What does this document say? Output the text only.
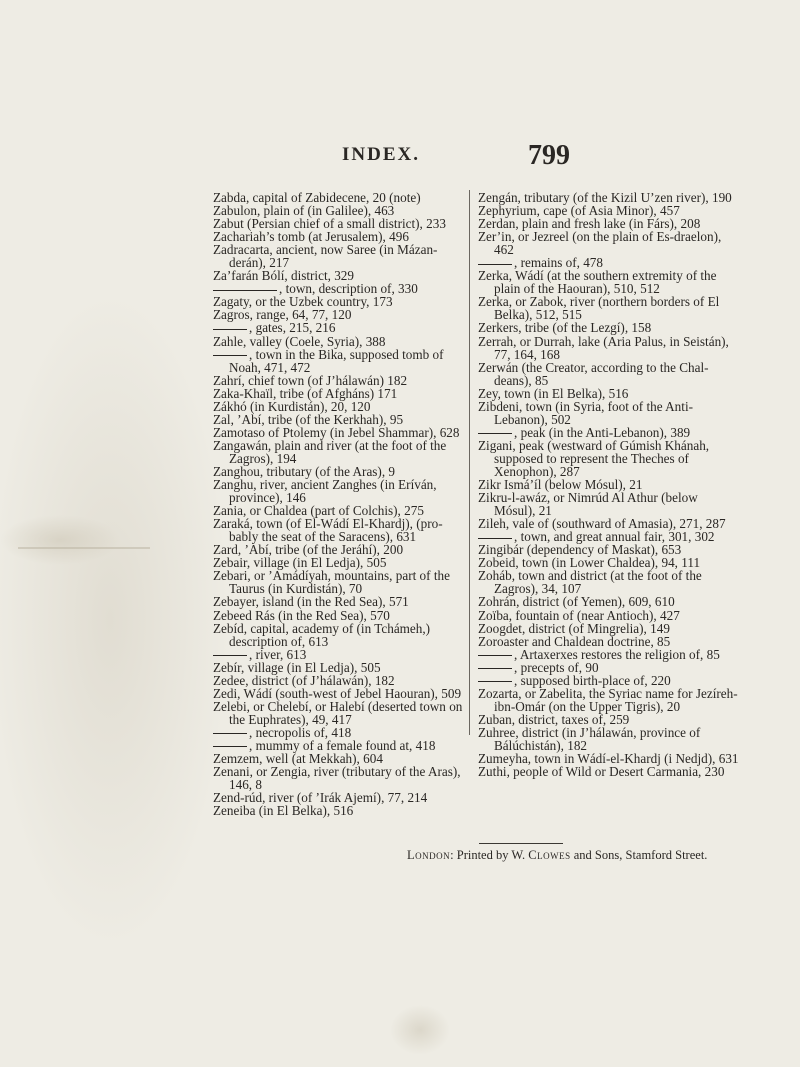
INDEX.	799

Zabda, capital of Zabidecene, 20 (note)

Zabulon, plain of (in Galilee), 463

Zabut (Persian chief of a small district), 233

Zachariah’s tomb (at Jerusalem), 496

Zadracarta, ancient, now Saree (in Mázan-derán), 217

Za’farán Bólí, district, 329

, town, description of, 330

Zagaty, or the Uzbek country, 173

Zagros, range, 64, 77, 120

, gates, 215, 216

Zahle, valley (Coele, Syria), 388

, town in the Bika, supposed tomb of Noah, 471, 472

Zahrí, chief town (of J’hálawán) 182

Zaka-Khaïl, tribe (of Afgháns) 171

Zákhó (in Kurdistán), 20, 120

Zal, ’Abí, tribe (of the Kerkhah), 95

Zamotaso of Ptolemy (in Jebel Shammar), 628

Zangawán, plain and river (at the foot of the Zagros), 194

Zanghou, tributary (of the Aras), 9

Zanghu, river, ancient Zanghes (in Eríván, province), 146

Zania, or Chaldea (part of Colchis), 275

Zaraká, town (of El-Wádí El-Khardj), (pro-bably the seat of the Saracens), 631

Zard, ’Abí, tribe (of the Jeráhí), 200

Zebair, village (in El Ledja), 505

Zebari, or ’Amádíyah, mountains, part of the Taurus (in Kurdistán), 70

Zebayer, island (in the Red Sea), 571

Zebeed Rás (in the Red Sea), 570

Zebíd, capital, academy of (in Tchámeh,) description of, 613

, river, 613

Zebír, village (in El Ledja), 505

Zedee, district (of J’hálawán), 182

Zedi, Wádí (south-west of Jebel Haouran), 509

Zelebi, or Chelebí, or Halebí (deserted town on the Euphrates), 49, 417

, necropolis of, 418

, mummy of a female found at, 418

Zemzem, well (at Mekkah), 604

Zenani, or Zengia, river (tributary of the Aras), 146, 8

Zend-rúd, river (of ’Irák Ajemí), 77, 214

Zeneiba (in El Belka), 516

Zengán, tributary (of the Kizil U’zen river), 190

Zephyrium, cape (of Asia Minor), 457

Zerdan, plain and fresh lake (in Fárs), 208

Zer’in, or Jezreel (on the plain of Es-draelon), 462

, remains of, 478

Zerka, Wádí (at the southern extremity of the plain of the Haouran), 510, 512

Zerka, or Zabok, river (northern borders of El Belka), 512, 515

Zerkers, tribe (of the Lezgí), 158

Zerrah, or Durrah, lake (Aria Palus, in Seistán), 77, 164, 168

Zerwán (the Creator, according to the Chal-deans), 85

Zey, town (in El Belka), 516

Zibdeni, town (in Syria, foot of the Anti-Lebanon), 502

, peak (in the Anti-Lebanon), 389

Zigani, peak (westward of Gúmish Khánah, supposed to represent the Theches of Xenophon), 287

Zikr Ismá’íl (below Mósul), 21

Zikru-l-awáz, or Nimrúd Al Athur (below Mósul), 21

Zileh, vale of (southward of Amasia), 271, 287

, town, and great annual fair, 301, 302

Zingibár (dependency of Maskat), 653

Zobeid, town (in Lower Chaldea), 94, 111

Zoháb, town and district (at the foot of the Zagros), 34, 107

Zohrán, district (of Yemen), 609, 610

Zoïba, fountain of (near Antioch), 427

Zoogdet, district (of Mingrelia), 149

Zoroaster and Chaldean doctrine, 85

, Artaxerxes restores the religion of, 85

, precepts of, 90

, supposed birth-place of, 220

Zozarta, or Zabelita, the Syriac name for Jezíreh-ibn-Omár (on the Upper Tigris), 20

Zuban, district, taxes of, 259

Zuhree, district (in J’hálawán, province of Bálúchistán), 182

Zumeyha, town in Wádí-el-Khardj (i Nedjd), 631

Zuthi, people of Wild or Desert Carmania, 230

London: Printed by W. Clowes and Sons, Stamford Street.
